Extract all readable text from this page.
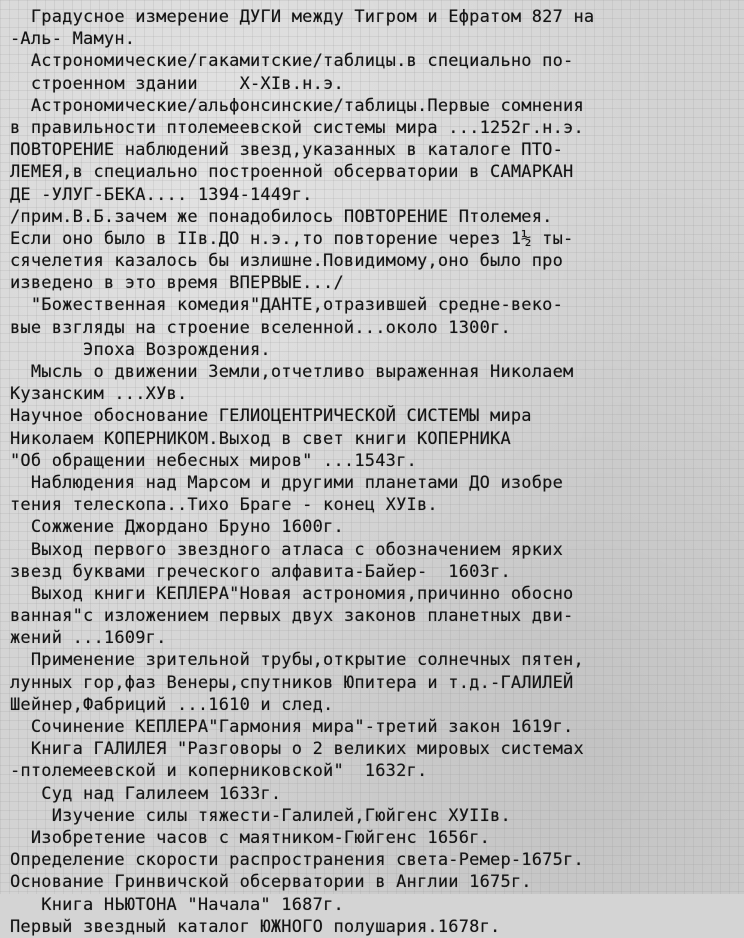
Градусное измерение ДУГИ между Тигром и Ефратом 827 на
-Аль- Мамун.
Астрономические/гакамитские/таблицы.в специально по-
строенном здании    Х-ХIв.н.э.
Астрономические/альфонсинские/таблицы.Первые сомнения
в правильности птолемеевской системы мира ...1252г.н.э.
ПОВТОРЕНИЕ наблюдений звезд,указанных в каталоге ПТО-
ЛЕМЕЯ,в специально построенной обсерватории в САМАРКАН
ДЕ -УЛУГ-БЕКА.... 1394-1449г.
/прим.В.Б.зачем же понадобилось ПОВТОРЕНИЕ Птолемея.
Если оно было в IIв.ДО н.э.,то повторение через 1½ ты-
сячелетия казалось бы излишне.Повидимому,оно было про
изведено в это время ВПЕРВЫЕ.../
"Божественная комедия"ДАНТЕ,отразившей средне-веко-
вые взгляды на строение вселенной...около 1300г.
Эпоха Возрождения.
Мысль о движении Земли,отчетливо выраженная Николаем
Кузанским ...ХУв.
Научное обоснование ГЕЛИОЦЕНТРИЧЕСКОЙ СИСТЕМЫ мира
Николаем КОПЕРНИКОМ.Выход в свет книги КОПЕРНИКА
"Об обращении небесных миров" ...1543г.
Наблюдения над Марсом и другими планетами ДО изобре
тения телескопа..Тихо Браге - конец ХУIв.
Сожжение Джордано Бруно 1600г.
Выход первого звездного атласа с обозначением ярких
звезд буквами греческого алфавита-Байер-  1603г.
Выход книги КЕПЛЕРА"Новая астрономия,причинно обосно
ванная"с изложением первых двух законов планетных дви-
жений ...1609г.
Применение зрительной трубы,открытие солнечных пятен,
лунных гор,фаз Венеры,спутников Юпитера и т.д.-ГАЛИЛЕЙ
Шейнер,Фабриций ...1610 и след.
Сочинение КЕПЛЕРА"Гармония мира"-третий закон 1619г.
Книга ГАЛИЛЕЯ "Разговоры о 2 великих мировых системах
-птолемеевской и коперниковской"  1632г.
Суд над Галилеем 1633г.
Изучение силы тяжести-Галилей,Гюйгенс ХУIIв.
Изобретение часов с маятником-Гюйгенс 1656г.
Определение скорости распространения света-Ремер-1675г.
Основание Гринвичской обсерватории в Англии 1675г.
Книга НЬЮТОНА "Начала" 1687г.
Первый звездный каталог ЮЖНОГО полушария.1678г.
